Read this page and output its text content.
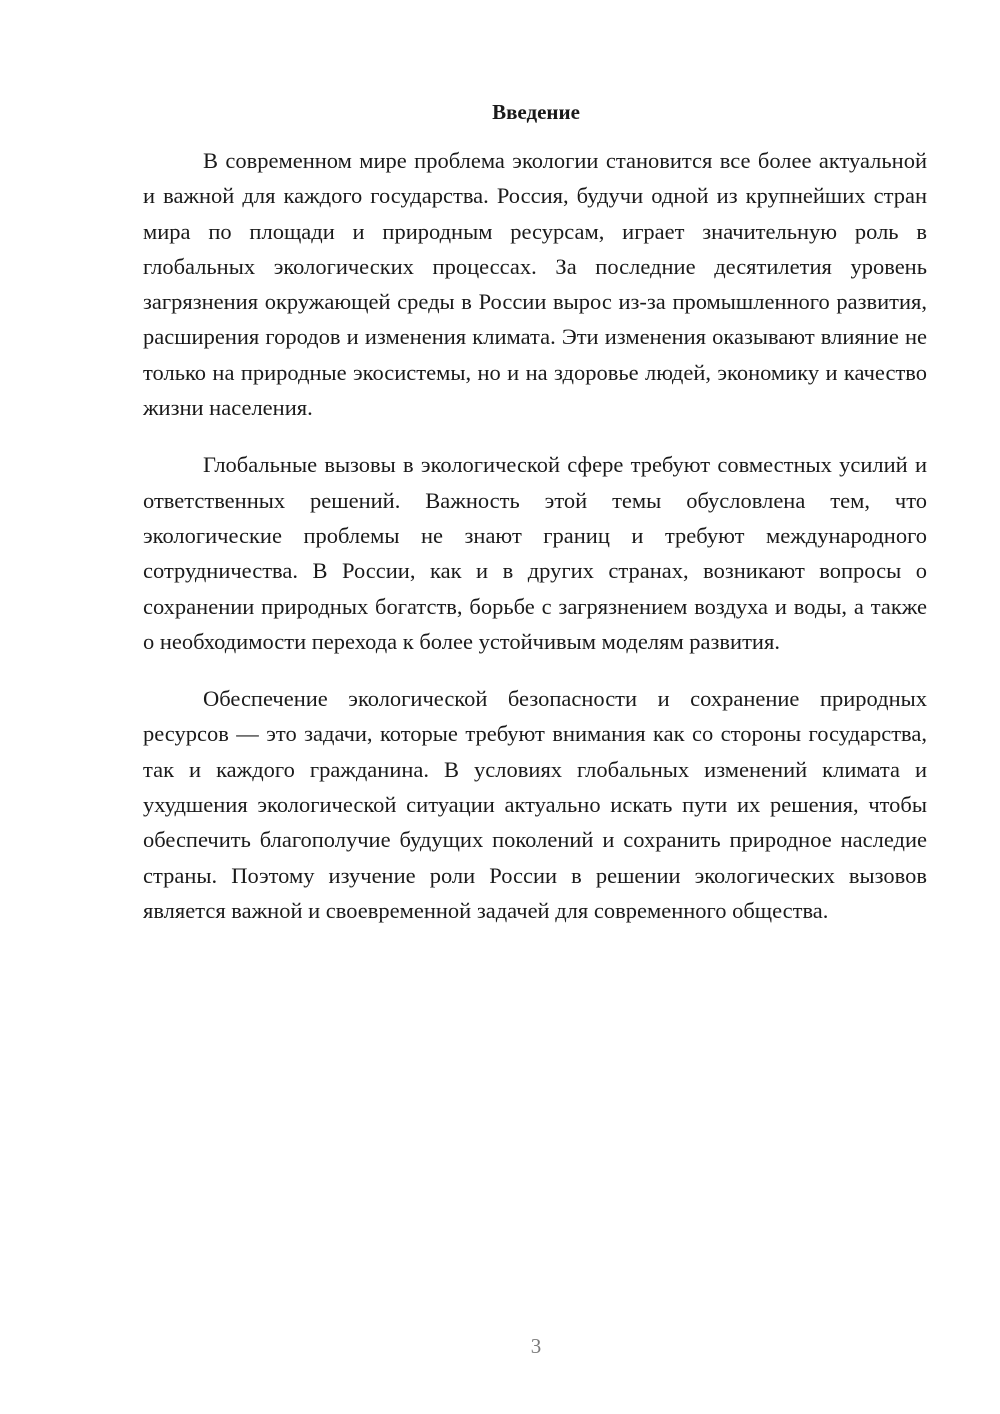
Введение

В современном мире проблема экологии становится все более актуальной и важной для каждого государства. Россия, будучи одной из крупнейших стран мира по площади и природным ресурсам, играет значительную роль в глобальных экологических процессах. За последние десятилетия уровень загрязнения окружающей среды в России вырос из-за промышленного развития, расширения городов и изменения климата. Эти изменения оказывают влияние не только на природные экосистемы, но и на здоровье людей, экономику и качество жизни населения.

Глобальные вызовы в экологической сфере требуют совместных усилий и ответственных решений. Важность этой темы обусловлена тем, что экологические проблемы не знают границ и требуют международного сотрудничества. В России, как и в других странах, возникают вопросы о сохранении природных богатств, борьбе с загрязнением воздуха и воды, а также о необходимости перехода к более устойчивым моделям развития.

Обеспечение экологической безопасности и сохранение природных ресурсов — это задачи, которые требуют внимания как со стороны государства, так и каждого гражданина. В условиях глобальных изменений климата и ухудшения экологической ситуации актуально искать пути их решения, чтобы обеспечить благополучие будущих поколений и сохранить природное наследие страны. Поэтому изучение роли России в решении экологических вызовов является важной и своевременной задачей для современного общества.

3
